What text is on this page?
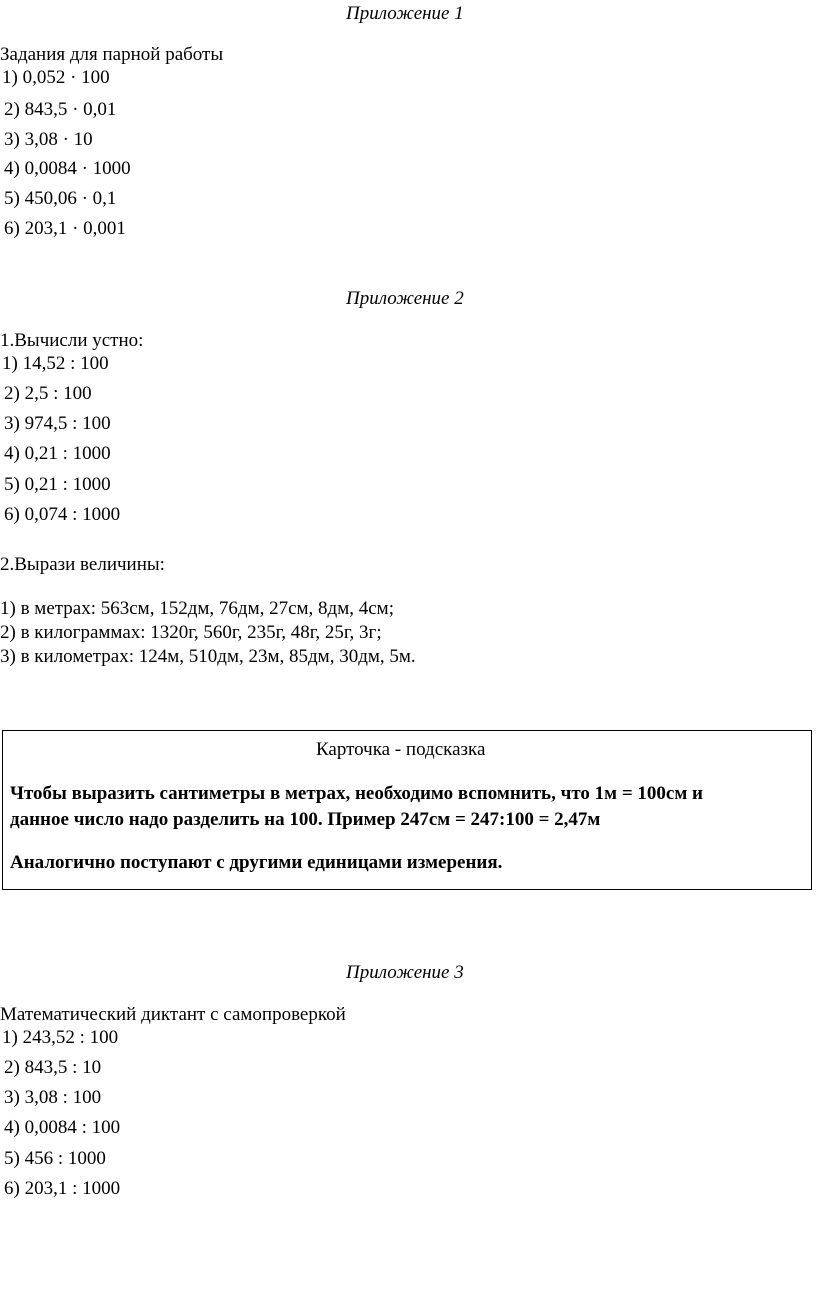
Приложение 1
Задания для парной работы
1) 0,052 · 100
2) 843,5 · 0,01
3) 3,08 · 10
4) 0,0084 · 1000
5) 450,06 · 0,1
6) 203,1 · 0,001
Приложение 2
1.Вычисли устно:
1) 14,52 : 100
2) 2,5 : 100
3) 974,5 : 100
4) 0,21 : 1000
5) 0,21 : 1000
6) 0,074 : 1000
2.Вырази величины:
1) в метрах: 563см, 152дм, 76дм, 27см, 8дм, 4см;
2) в килограммах: 1320г, 560г, 235г, 48г, 25г, 3г;
3) в километрах: 124м, 510дм, 23м, 85дм, 30дм, 5м.
Карточка - подсказка
Чтобы выразить сантиметры в метрах, необходимо вспомнить, что 1м = 100см и
данное число надо разделить на 100. Пример 247см = 247:100 = 2,47м
Аналогично поступают с другими единицами измерения.
Приложение 3
Математический диктант с самопроверкой
1) 243,52 : 100
2) 843,5 : 10
3) 3,08 : 100
4) 0,0084 : 100
5) 456 : 1000
6) 203,1 : 1000
